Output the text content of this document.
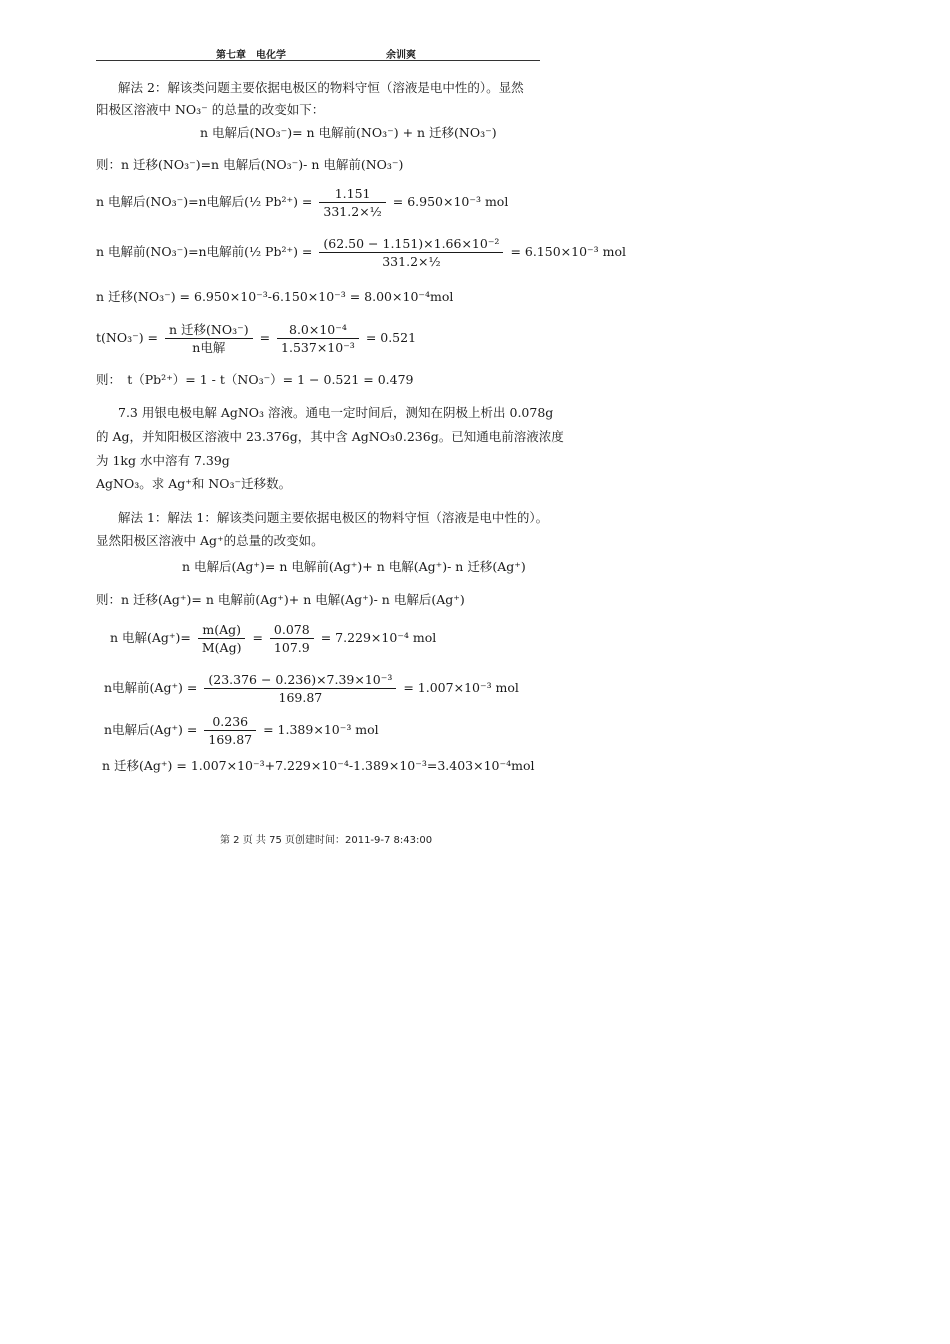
第七章　电化学	余训爽
解法 2：解该类问题主要依据电极区的物料守恒（溶液是电中性的）。显然
阳极区溶液中 NO₃⁻ 的总量的改变如下：
n 电解后(NO₃⁻)= n 电解前(NO₃⁻) + n 迁移(NO₃⁻)
则：n 迁移(NO₃⁻)=n 电解后(NO₃⁻)- n 电解前(NO₃⁻)
n 电解后(NO₃⁻)=n电解后(½ $Pb^{2+}) = \frac{1.151}{\text{331.2×½}} = 6.950\times 10^{-3}$ mol
n 电解前(NO₃⁻)=n电解前(½ $Pb^{2+}) = \frac{\text{(62.50 − 1.151)×1.66×10⁻²}}{\text{331.2×½}} = 6.150\times 10^{-3}$ mol
n 迁移(NO₃⁻) = 6.950×10⁻³-6.150×10⁻³ = 8.00×10⁻⁴mol
$t(NO_3^-) = \frac{\text{n 迁移(NO₃⁻)}}{\text{n电解}} = \frac{\text{8.0×10⁻⁴}}{\text{1.537×10⁻³}} = 0.521$
则：　t（Pb²⁺）= 1 - t（NO₃⁻）= 1 − 0.521 = 0.479
7.3 用银电极电解 AgNO₃ 溶液。通电一定时间后，测知在阴极上析出 0.078g
的 Ag，并知阳极区溶液中 23.376g，其中含 AgNO₃0.236g。已知通电前溶液浓度
为 1kg 水中溶有 7.39g
AgNO₃。求 Ag⁺和 NO₃⁻迁移数。
解法 1：解法 1：解该类问题主要依据电极区的物料守恒（溶液是电中性的）。
显然阳极区溶液中 Ag⁺的总量的改变如。
n 电解后(Ag⁺)= n 电解前(Ag⁺)+ n 电解(Ag⁺)- n 迁移(Ag⁺)
则：n 迁移(Ag⁺)= n 电解前(Ag⁺)+ n 电解(Ag⁺)- n 电解后(Ag⁺)
n 电解$(Ag^+)= \frac{m(Ag)}{M(Ag)} = \frac{0.078}{107.9} = 7.229\times 10^{-4}$ mol
n电解前$(Ag^+) = \frac{\text{(23.376 − 0.236)×7.39×10⁻³}}{169.87} = 1.007\times 10^{-3}$ mol
n电解后$(Ag^+) = \frac{0.236}{169.87} = 1.389\times 10^{-3}$ mol
n 迁移(Ag⁺) = 1.007×10⁻³+7.229×10⁻⁴-1.389×10⁻³=3.403×10⁻⁴mol
第 2 页 共 75 页创建时间：2011-9-7 8:43:00
